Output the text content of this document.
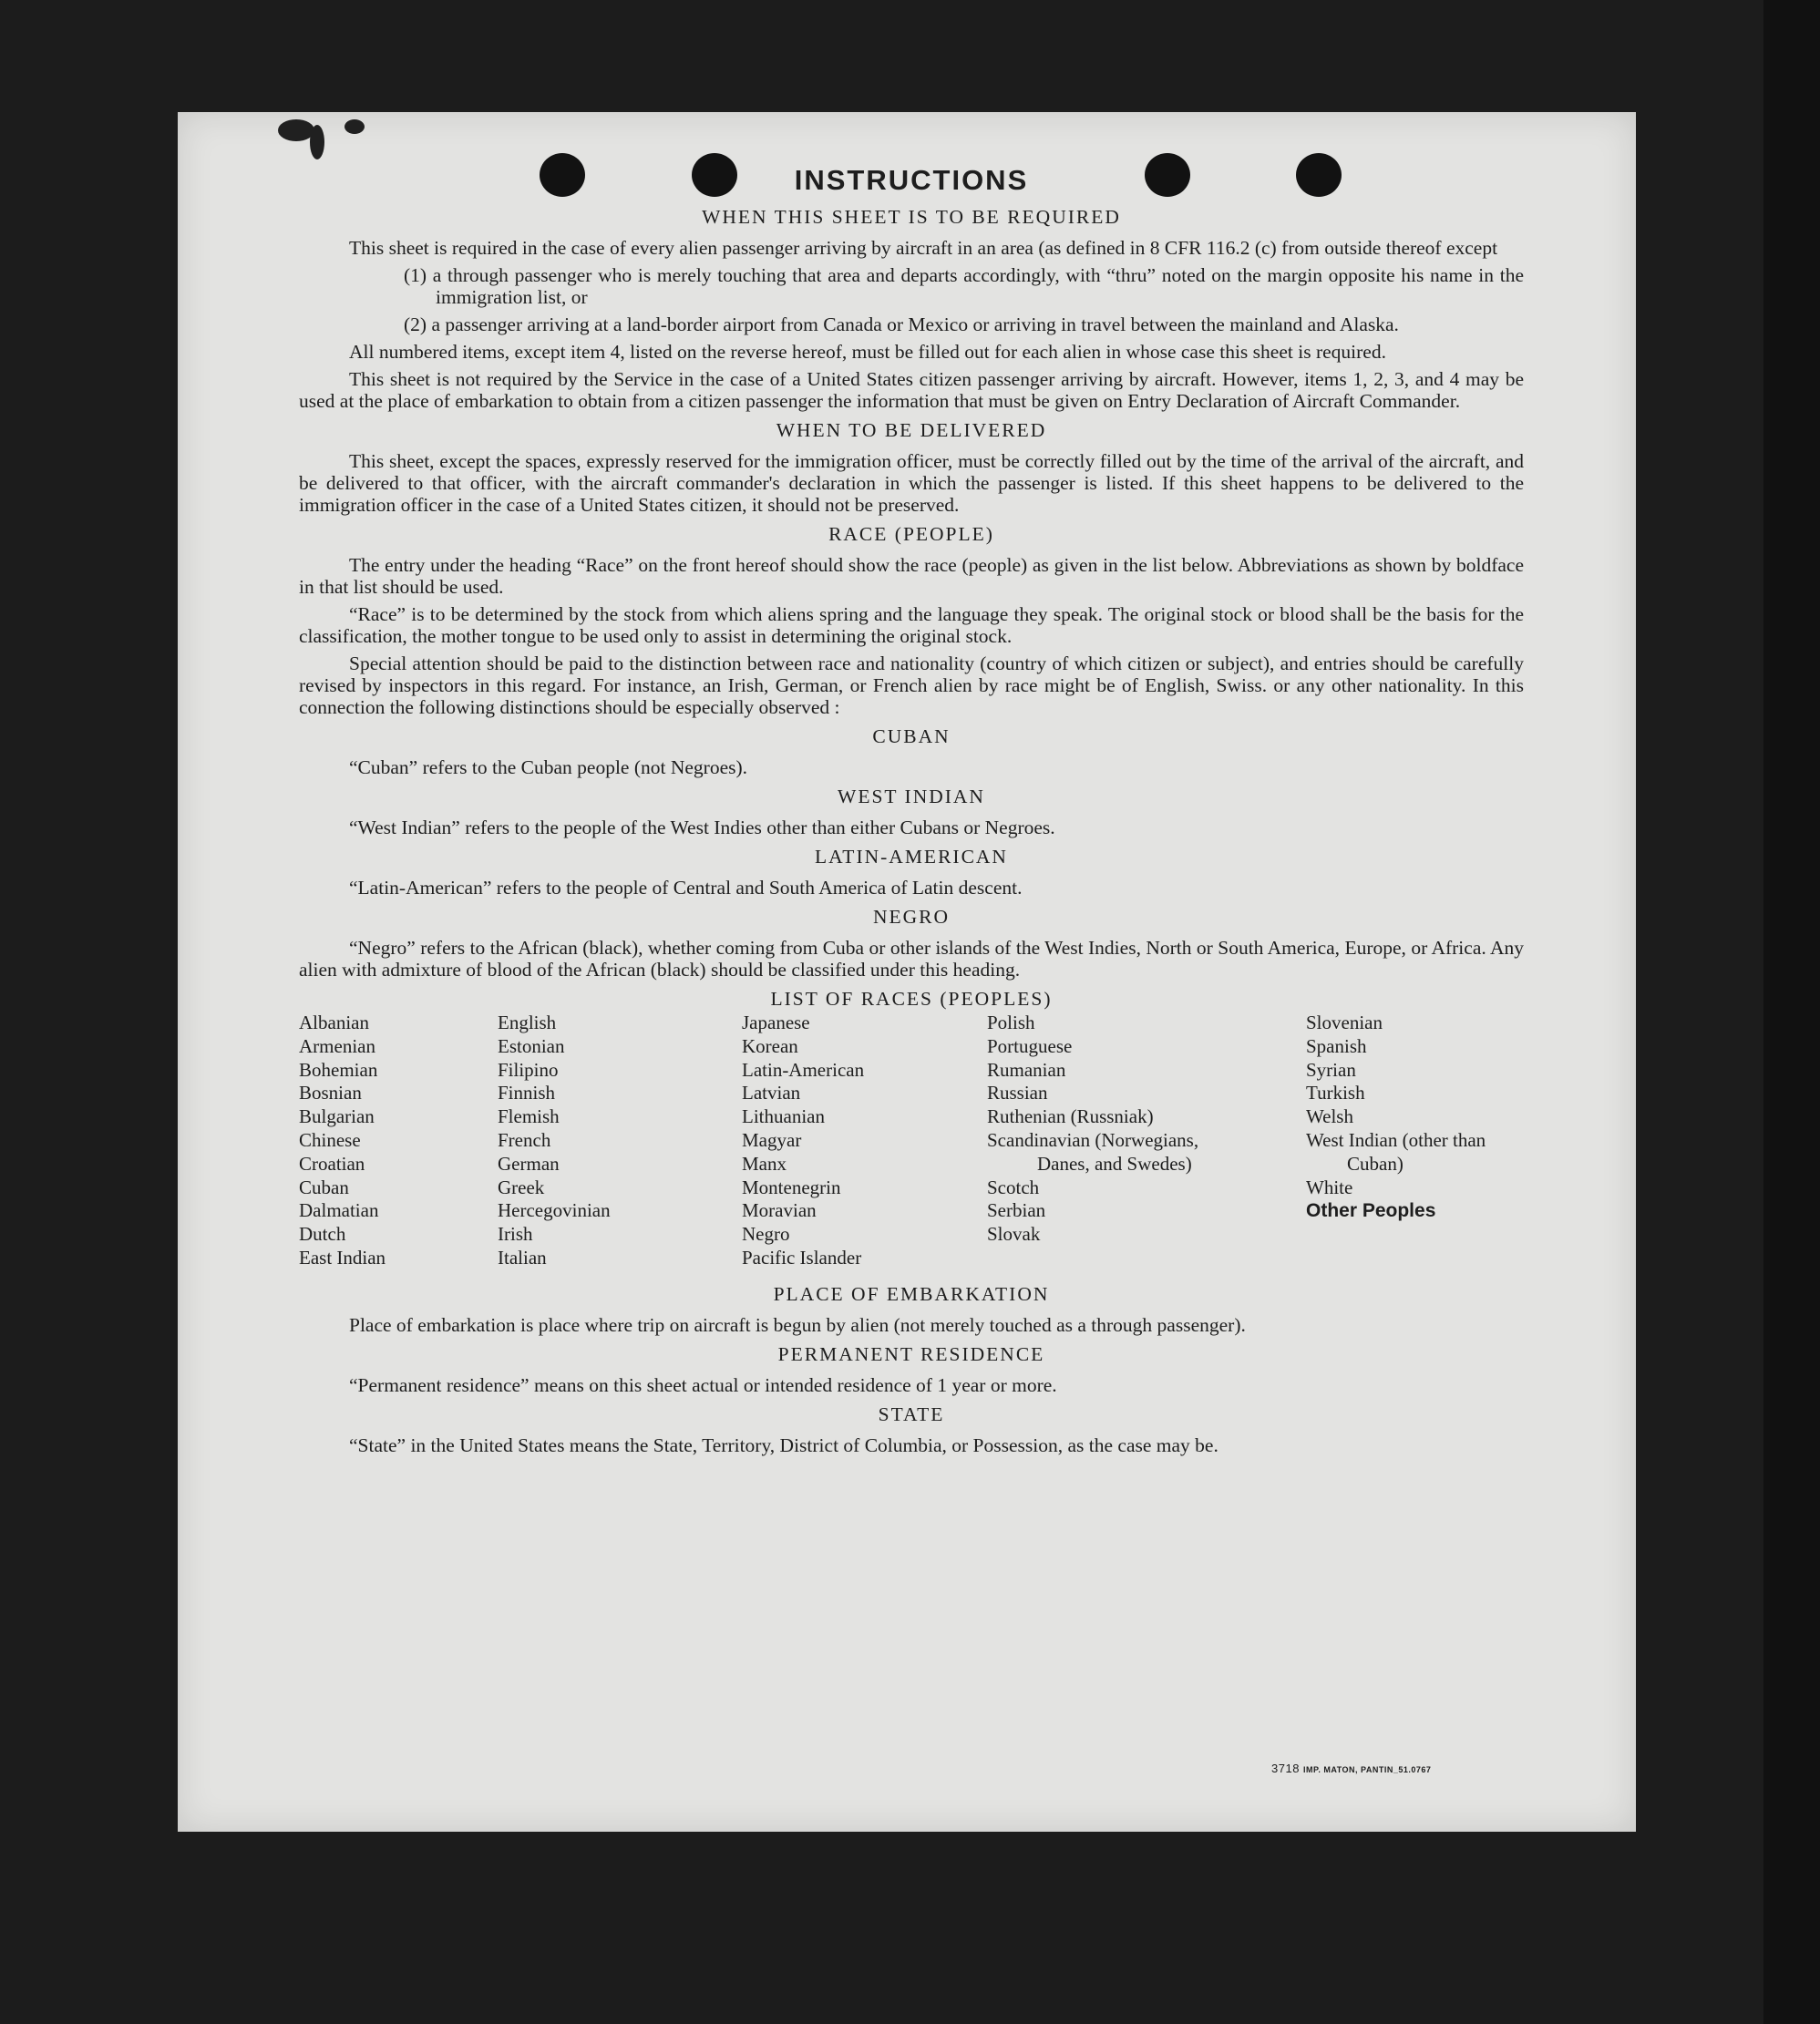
INSTRUCTIONS
WHEN THIS SHEET IS TO BE REQUIRED

This sheet is required in the case of every alien passenger arriving by aircraft in an area (as defined in 8 CFR 116.2 (c) from outside thereof except

(1) a through passenger who is merely touching that area and departs accordingly, with “thru” noted on the margin opposite his name in the immigration list, or
(2) a passenger arriving at a land-border airport from Canada or Mexico or arriving in travel between the mainland and Alaska.

All numbered items, except item 4, listed on the reverse hereof, must be filled out for each alien in whose case this sheet is required.

This sheet is not required by the Service in the case of a United States citizen passenger arriving by aircraft. However, items 1, 2, 3, and 4 may be used at the place of embarkation to obtain from a citizen passenger the information that must be given on Entry Declaration of Aircraft Commander.

WHEN TO BE DELIVERED

This sheet, except the spaces, expressly reserved for the immigration officer, must be correctly filled out by the time of the arrival of the aircraft, and be delivered to that officer, with the aircraft commander's declaration in which the passenger is listed. If this sheet happens to be delivered to the immigration officer in the case of a United States citizen, it should not be preserved.

RACE (PEOPLE)

The entry under the heading “Race” on the front hereof should show the race (people) as given in the list below. Abbreviations as shown by boldface in that list should be used.

“Race” is to be determined by the stock from which aliens spring and the language they speak. The original stock or blood shall be the basis for the classification, the mother tongue to be used only to assist in determining the original stock.

Special attention should be paid to the distinction between race and nationality (country of which citizen or subject), and entries should be carefully revised by inspectors in this regard. For instance, an Irish, German, or French alien by race might be of English, Swiss. or any other nationality. In this connection the following distinctions should be especially observed :

CUBAN

“Cuban” refers to the Cuban people (not Negroes).

WEST INDIAN

“West Indian” refers to the people of the West Indies other than either Cubans or Negroes.

LATIN-AMERICAN

“Latin-American” refers to the people of Central and South America of Latin descent.

NEGRO

“Negro” refers to the African (black), whether coming from Cuba or other islands of the West Indies, North or South America, Europe, or Africa. Any alien with admixture of blood of the African (black) should be classified under this heading.

LIST OF RACES (PEOPLES)
Albanian
Armenian
Bohemian
Bosnian
Bulgarian
Chinese
Croatian
Cuban
Dalmatian
Dutch
East Indian
English
Estonian
Filipino
Finnish
Flemish
French
German
Greek
Hercegovinian
Irish
Italian
Japanese
Korean
Latin-American
Latvian
Lithuanian
Magyar
Manx
Montenegrin
Moravian
Negro
Pacific Islander
Polish
Portuguese
Rumanian
Russian
Ruthenian (Russniak)
Scandinavian (Norwegians, Danes, and Swedes)
Scotch
Serbian
Slovak
Slovenian
Spanish
Syrian
Turkish
Welsh
West Indian (other than Cuban)
White
Other Peoples
PLACE OF EMBARKATION

Place of embarkation is place where trip on aircraft is begun by alien (not merely touched as a through passenger).

PERMANENT RESIDENCE

“Permanent residence” means on this sheet actual or intended residence of 1 year or more.

STATE

“State” in the United States means the State, Territory, District of Columbia, or Possession, as the case may be.

3718 IMP. MATON, PANTIN_51.0767
